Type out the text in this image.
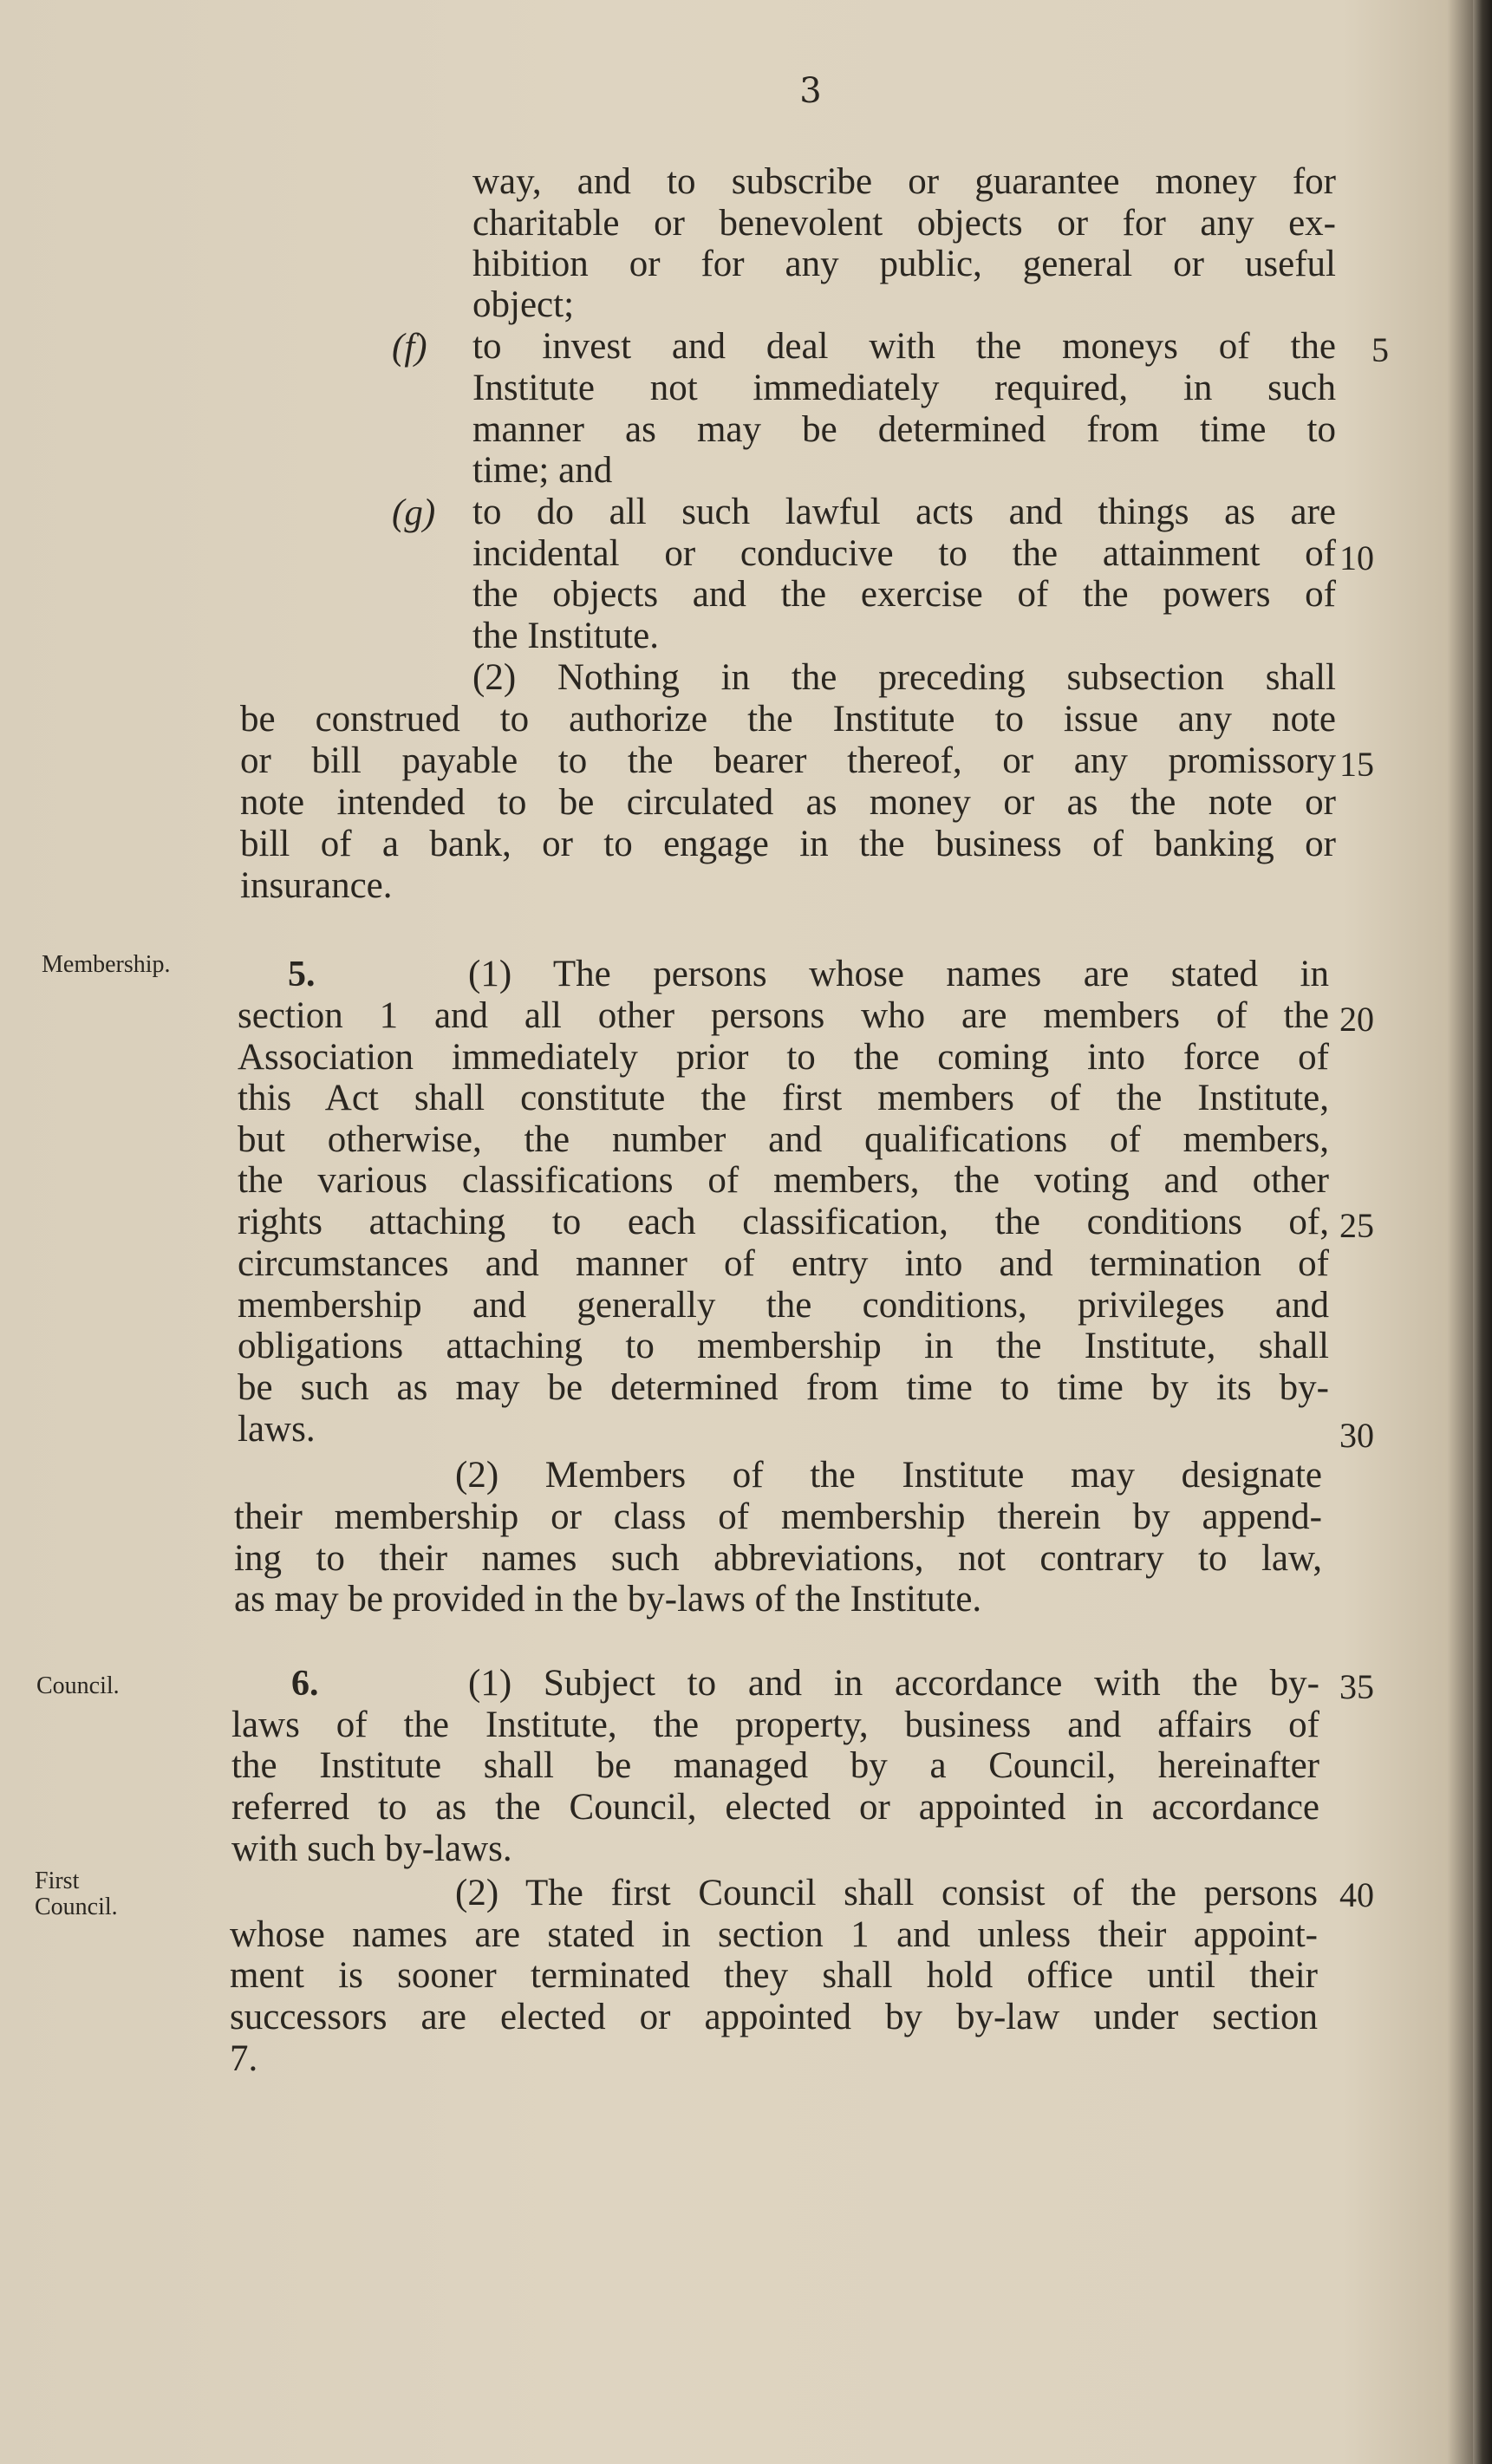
3
way, and to subscribe or guarantee money for
charitable or benevolent objects or for any ex-
hibition or for any public, general or useful
object;
(f) to invest and deal with the moneys of the
Institute not immediately required, in such
manner as may be determined from time to
time; and
(g) to do all such lawful acts and things as are
incidental or conducive to the attainment of
the objects and the exercise of the powers of
the Institute.
(2) Nothing in the preceding subsection shall
be construed to authorize the Institute to issue any note
or bill payable to the bearer thereof, or any promissory
note intended to be circulated as money or as the note or
bill of a bank, or to engage in the business of banking or
insurance.
Membership.	5.	(1) The persons whose names are stated in
section 1 and all other persons who are members of the
Association immediately prior to the coming into force of
this Act shall constitute the first members of the Institute,
but otherwise, the number and qualifications of members,
the various classifications of members, the voting and other
rights attaching to each classification, the conditions of,
circumstances and manner of entry into and termination of
membership and generally the conditions, privileges and
obligations attaching to membership in the Institute, shall
be such as may be determined from time to time by its by-
laws.
(2) Members of the Institute may designate
their membership or class of membership therein by append-
ing to their names such abbreviations, not contrary to law,
as may be provided in the by-laws of the Institute.
Council.	6.	(1) Subject to and in accordance with the by-
laws of the Institute, the property, business and affairs of
the Institute shall be managed by a Council, hereinafter
referred to as the Council, elected or appointed in accordance
with such by-laws.
First
Council.	(2) The first Council shall consist of the persons
whose names are stated in section 1 and unless their appoint-
ment is sooner terminated they shall hold office until their
successors are elected or appointed by by-law under section
7.
5
10
15
20
25
30
35
40
